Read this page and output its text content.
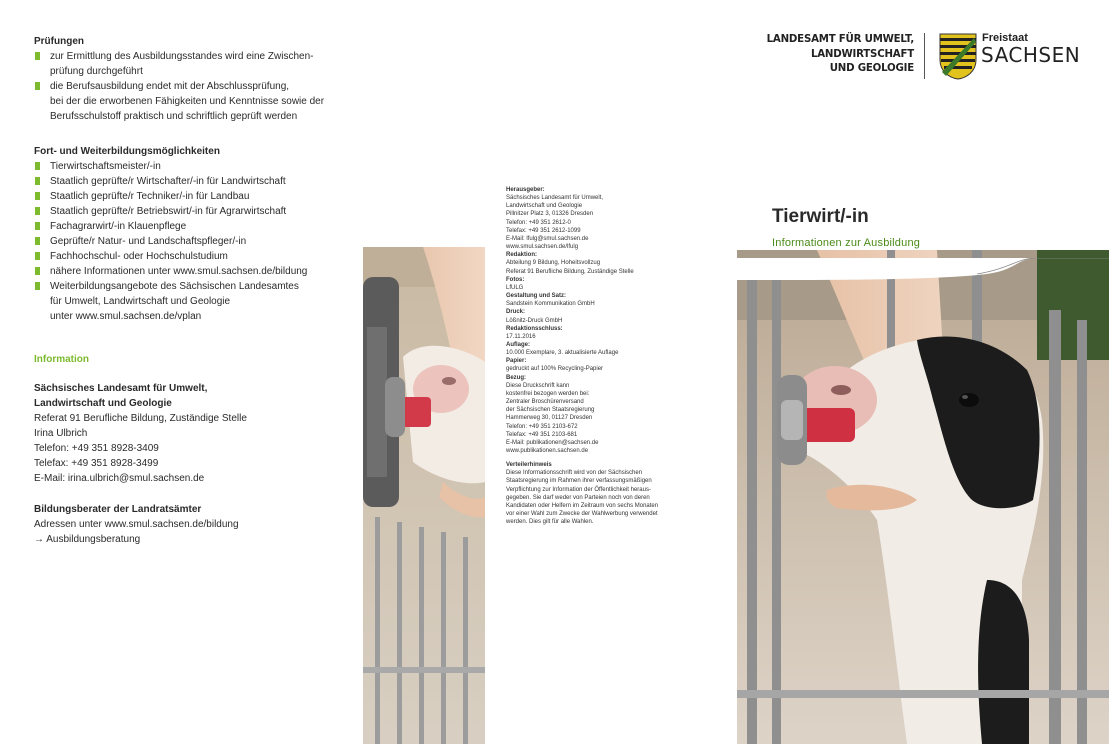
Prüfungen

zur Ermittlung des Ausbildungsstandes wird eine Zwischen-
prüfung durchgeführt
die Berufsausbildung endet mit der Abschlussprüfung,
bei der die erworbenen Fähigkeiten und Kenntnisse sowie der
Berufsschulstoff praktisch und schriftlich geprüft werden

Fort- und Weiterbildungsmöglichkeiten

Tierwirtschaftsmeister/-in
Staatlich geprüfte/r Wirtschafter/-in für Landwirtschaft
Staatlich geprüfte/r Techniker/-in für Landbau
Staatlich geprüfte/r Betriebswirt/-in für Agrarwirtschaft
Fachagrarwirt/-in Klauenpflege
Geprüfte/r Natur- und Landschaftspfleger/-in
Fachhochschul- oder Hochschulstudium
nähere Informationen unter www.smul.sachsen.de/bildung
Weiterbildungsangebote des Sächsischen Landesamtes
für Umwelt, Landwirtschaft und Geologie
unter www.smul.sachsen.de/vplan

Information

Sächsisches Landesamt für Umwelt,
Landwirtschaft und Geologie
Referat 91 Berufliche Bildung, Zuständige Stelle
Irina Ulbrich
Telefon: +49 351 8928-3409
Telefax: +49 351 8928-3499
E-Mail: irina.ulbrich@smul.sachsen.de
Bildungsberater der Landratsämter
Adressen unter www.smul.sachsen.de/bildung
→ Ausbildungsberatung
Herausgeber:
Sächsisches Landesamt für Umwelt,
Landwirtschaft und Geologie
Pillnitzer Platz 3, 01326 Dresden
Telefon: +49 351 2612-0
Telefax: +49 351 2612-1099
E-Mail: lfulg@smul.sachsen.de
www.smul.sachsen.de/lfulg
Redaktion:
Abteilung 9 Bildung, Hoheitsvollzug
Referat 91 Berufliche Bildung, Zuständige Stelle
Fotos:
LfULG
Gestaltung und Satz:
Sandstein Kommunikation GmbH
Druck:
Lößnitz-Druck GmbH
Redaktionsschluss:
17.11.2016
Auflage:
10.000 Exemplare, 3. aktualisierte Auflage
Papier:
gedruckt auf 100% Recycling-Papier
Bezug:
Diese Druckschrift kann
kostenfrei bezogen werden bei:
Zentraler Broschürenversand
der Sächsischen Staatsregierung
Hammerweg 30, 01127 Dresden
Telefon: +49 351 2103-672
Telefax: +49 351 2103-681
E-Mail: publikationen@sachsen.de
www.publikationen.sachsen.de
Verteilerhinweis
Diese Informationsschrift wird von der Sächsischen
Staatsregierung im Rahmen ihrer verfassungsmäßigen
Verpflichtung zur Information der Öffentlichkeit heraus-
gegeben. Sie darf weder von Parteien noch von deren
Kandidaten oder Helfern im Zeitraum von sechs Monaten
vor einer Wahl zum Zwecke der Wahlwerbung verwendet
werden. Dies gilt für alle Wahlen.
LANDESAMT FÜR UMWELT,
LANDWIRTSCHAFT
UND GEOLOGIE
Freistaat
SACHSEN
Tierwirt/-in
Informationen zur Ausbildung
